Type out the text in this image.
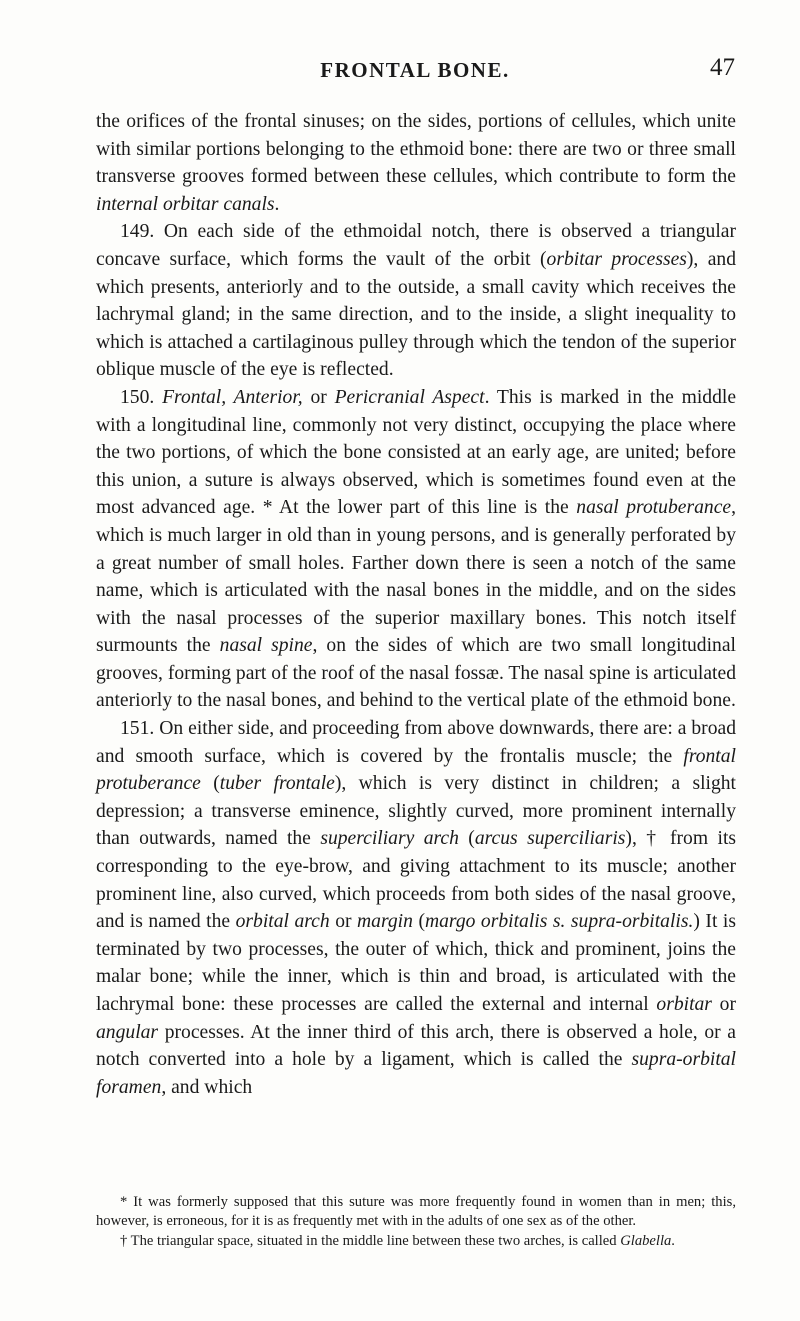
FRONTAL BONE.	47

the orifices of the frontal sinuses; on the sides, portions of cellules, which unite with similar portions belonging to the ethmoid bone: there are two or three small transverse grooves formed between these cellules, which contribute to form the internal orbitar canals.

149. On each side of the ethmoidal notch, there is observed a triangular concave surface, which forms the vault of the orbit (orbitar processes), and which presents, anteriorly and to the outside, a small cavity which receives the lachrymal gland; in the same direction, and to the inside, a slight inequality to which is attached a cartilaginous pulley through which the tendon of the superior oblique muscle of the eye is reflected.

150. Frontal, Anterior, or Pericranial Aspect. This is marked in the middle with a longitudinal line, commonly not very distinct, occupying the place where the two portions, of which the bone consisted at an early age, are united; before this union, a suture is always observed, which is sometimes found even at the most advanced age. * At the lower part of this line is the nasal protuberance, which is much larger in old than in young persons, and is generally perforated by a great number of small holes. Farther down there is seen a notch of the same name, which is articulated with the nasal bones in the middle, and on the sides with the nasal processes of the superior maxillary bones. This notch itself surmounts the nasal spine, on the sides of which are two small longitudinal grooves, forming part of the roof of the nasal fossæ. The nasal spine is articulated anteriorly to the nasal bones, and behind to the vertical plate of the ethmoid bone.

151. On either side, and proceeding from above downwards, there are: a broad and smooth surface, which is covered by the frontalis muscle; the frontal protuberance (tuber frontale), which is very distinct in children; a slight depression; a transverse eminence, slightly curved, more prominent internally than outwards, named the superciliary arch (arcus superciliaris), † from its corresponding to the eye-brow, and giving attachment to its muscle; another prominent line, also curved, which proceeds from both sides of the nasal groove, and is named the orbital arch or margin (margo orbitalis s. supra-orbitalis.) It is terminated by two processes, the outer of which, thick and prominent, joins the malar bone; while the inner, which is thin and broad, is articulated with the lachrymal bone: these processes are called the external and internal orbitar or angular processes. At the inner third of this arch, there is observed a hole, or a notch converted into a hole by a ligament, which is called the supra-orbital foramen, and which

* It was formerly supposed that this suture was more frequently found in women than in men; this, however, is erroneous, for it is as frequently met with in the adults of one sex as of the other.

† The triangular space, situated in the middle line between these two arches, is called Glabella.
